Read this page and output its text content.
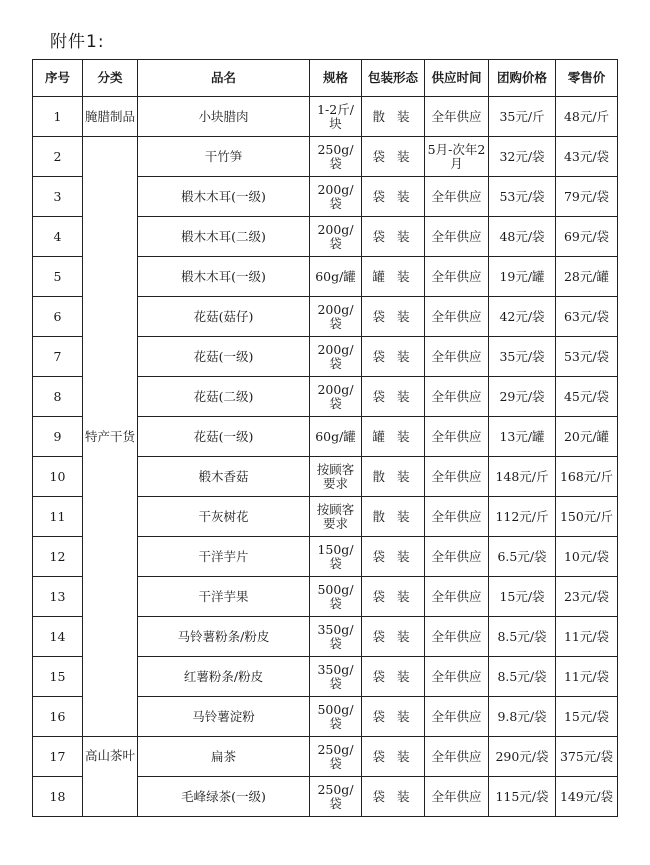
附件1:
序号	分类	品名	规格	包装形态	供应时间	团购价格	零售价
1	腌腊制品	小块腊肉	1-2斤/块	散 装	全年供应	35元/斤	48元/斤
2	特产干货	干竹笋	250g/袋	袋 装	5月-次年2月	32元/袋	43元/袋
3		椴木木耳(一级)	200g/袋	袋 装	全年供应	53元/袋	79元/袋
4		椴木木耳(二级)	200g/袋	袋 装	全年供应	48元/袋	69元/袋
5		椴木木耳(一级)	60g/罐	罐 装	全年供应	19元/罐	28元/罐
6		花菇(菇仔)	200g/袋	袋 装	全年供应	42元/袋	63元/袋
7		花菇(一级)	200g/袋	袋 装	全年供应	35元/袋	53元/袋
8		花菇(二级)	200g/袋	袋 装	全年供应	29元/袋	45元/袋
9		花菇(一级)	60g/罐	罐 装	全年供应	13元/罐	20元/罐
10		椴木香菇	按顾客要求	散 装	全年供应	148元/斤	168元/斤
11		干灰树花	按顾客要求	散 装	全年供应	112元/斤	150元/斤
12		干洋芋片	150g/袋	袋 装	全年供应	6.5元/袋	10元/袋
13		干洋芋果	500g/袋	袋 装	全年供应	15元/袋	23元/袋
14		马铃薯粉条/粉皮	350g/袋	袋 装	全年供应	8.5元/袋	11元/袋
15		红薯粉条/粉皮	350g/袋	袋 装	全年供应	8.5元/袋	11元/袋
16		马铃薯淀粉	500g/袋	袋 装	全年供应	9.8元/袋	15元/袋
17	高山茶叶	扁茶	250g/袋	袋 装	全年供应	290元/袋	375元/袋
18		毛峰绿茶(一级)	250g/袋	袋 装	全年供应	115元/袋	149元/袋
